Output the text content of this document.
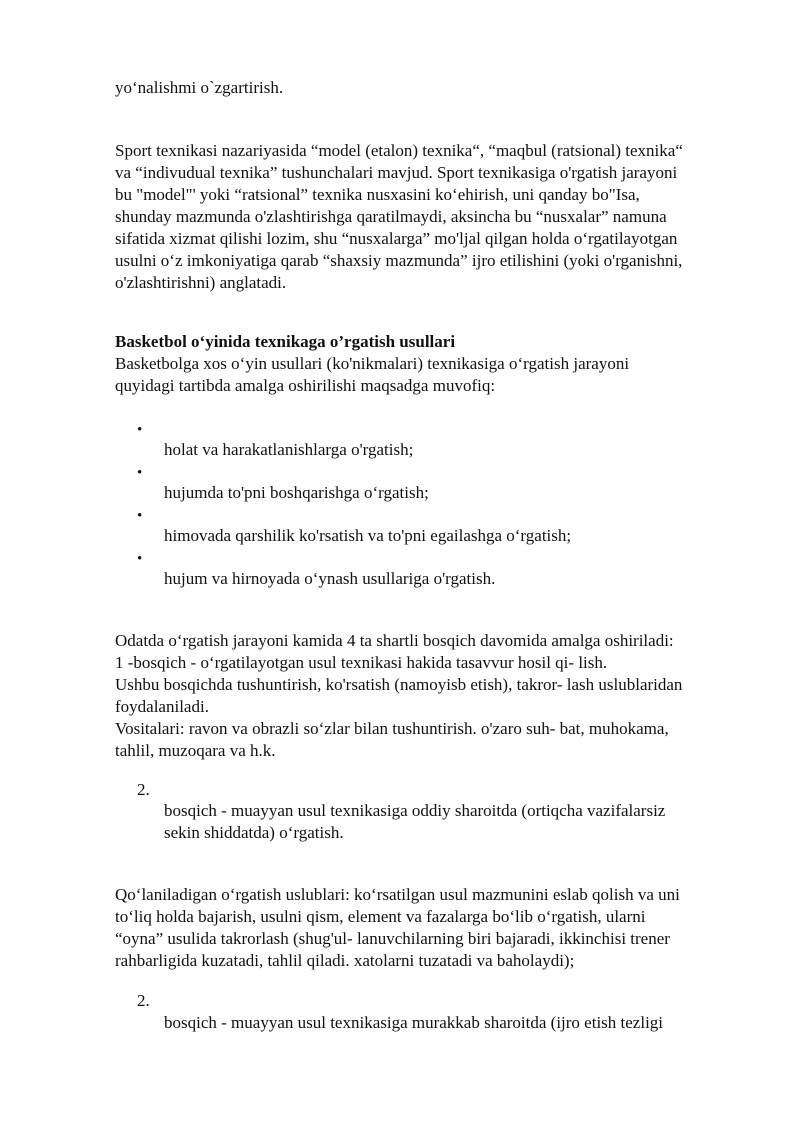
yo‘nalishmi o`zgartirish.

Sport texnikasi nazariyasida “model (etalon) texnika“, “maqbul (ratsional) texnika“

va “indivudual texnika” tushunchalari mavjud. Sport texnikasiga o'rgatish jarayoni

bu "model"' yoki “ratsional” texnika nusxasini ko‘ehirish, uni qanday bo"Isa,

shunday mazmunda o'zlashtirishga qaratilmaydi, aksincha bu “nusxalar” namuna

sifatida xizmat qilishi lozim, shu “nusxalarga” mo'ljal qilgan holda o‘rgatilayotgan

usulni o‘z imkoniyatiga qarab “shaxsiy mazmunda” ijro etilishini (yoki o'rganishni,

o'zlashtirishni) anglatadi.

Basketbol o‘yinida texnikaga o’rgatish usullari

Basketbolga xos o‘yin usullari (ko'nikmalari) texnikasiga o‘rgatish jarayoni

quyidagi tartibda amalga oshirilishi maqsadga muvofiq:

•
holat va harakatlanishlarga o'rgatish;
•
hujumda to'pni boshqarishga o‘rgatish;
•
himovada qarshilik ko'rsatish va to'pni egailashga o‘rgatish;
•
hujum va hirnoyada o‘ynash usullariga o'rgatish.

Odatda o‘rgatish jarayoni kamida 4 ta shartli bosqich davomida amalga oshiriladi:

1 -bosqich - o‘rgatilayotgan usul texnikasi hakida tasavvur hosil qi- lish.

Ushbu bosqichda tushuntirish, ko'rsatish (namoyisb etish), takror- lash uslublaridan

foydalaniladi.

Vositalari: ravon va obrazli so‘zlar bilan tushuntirish. o'zaro suh- bat, muhokama,

tahlil, muzoqara va h.k.

2.

bosqich - muayyan usul texnikasiga oddiy sharoitda (ortiqcha vazifalarsiz

sekin shiddatda) o‘rgatish.

Qo‘laniladigan o‘rgatish uslublari: ko‘rsatilgan usul mazmunini eslab qolish va uni

to‘liq holda bajarish, usulni qism, element va fazalarga bo‘lib o‘rgatish, ularni

“oyna” usulida takrorlash (shug'ul- lanuvchilarning biri bajaradi, ikkinchisi trener

rahbarligida kuzatadi, tahlil qiladi. xatolarni tuzatadi va baholaydi);

2.
bosqich - muayyan usul texnikasiga murakkab sharoitda (ijro etish tezligi
